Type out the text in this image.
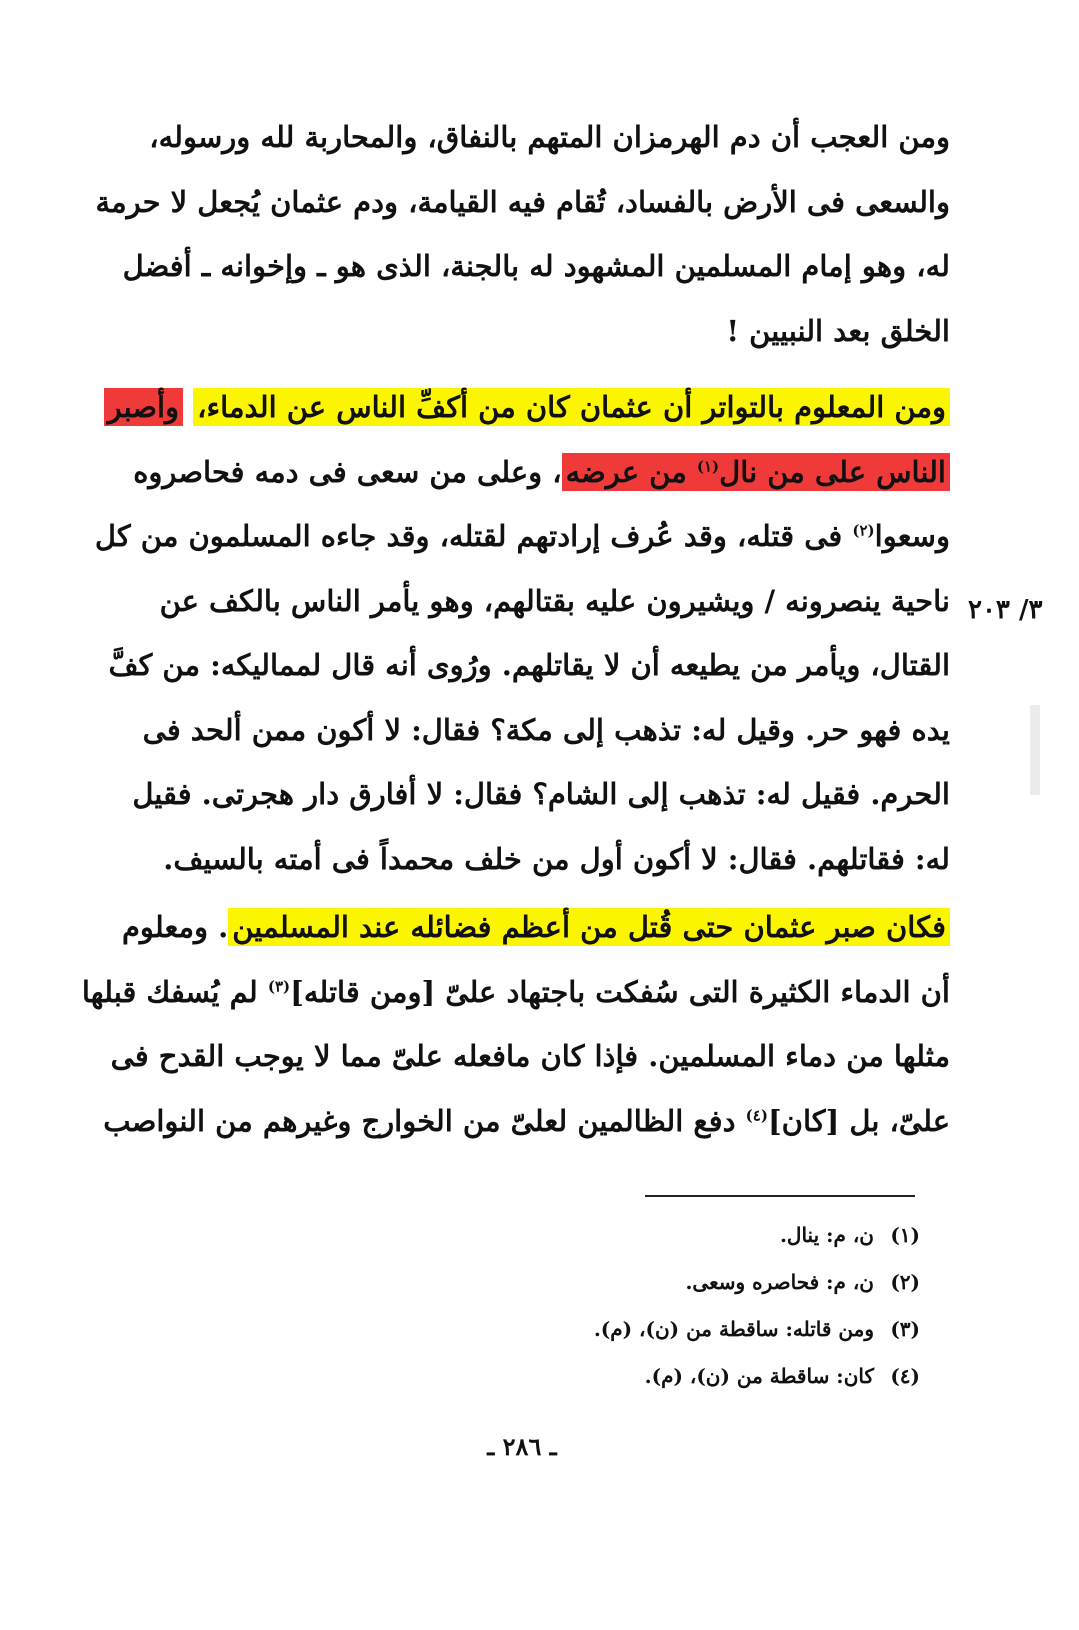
ومن العجب أن دم الهرمزان المتهم بالنفاق، والمحاربة لله ورسوله،
والسعى فى الأرض بالفساد، تُقام فيه القيامة، ودم عثمان يُجعل لا حرمة
له، وهو إمام المسلمين المشهود له بالجنة، الذى هو ـ وإخوانه ـ أفضل
الخلق بعد النبيين !
ومن المعلوم بالتواتر أن عثمان كان من أكفِّ الناس عن الدماء، وأصبر
الناس على من نال$^{(١)}$ من عرضه، وعلى من سعى فى دمه فحاصروه
وسعوا$^{(٢)}$ فى قتله، وقد عُرف إرادتهم لقتله، وقد جاءه المسلمون من كل
ناحية ينصرونه / ويشيرون عليه بقتالهم، وهو يأمر الناس بالكف عن
القتال، ويأمر من يطيعه أن لا يقاتلهم. ورُوى أنه قال لمماليكه: من كفَّ
يده فهو حر. وقيل له: تذهب إلى مكة؟ فقال: لا أكون ممن ألحد فى
الحرم. فقيل له: تذهب إلى الشام؟ فقال: لا أفارق دار هجرتى. فقيل
له: فقاتلهم. فقال: لا أكون أول من خلف محمداً فى أمته بالسيف.
٣/ ٢٠٣
فكان صبر عثمان حتى قُتل من أعظم فضائله عند المسلمين. ومعلوم
أن الدماء الكثيرة التى سُفكت باجتهاد علىّ [ومن قاتله]$^{(٣)}$ لم يُسفك قبلها
مثلها من دماء المسلمين. فإذا كان مافعله علىّ مما لا يوجب القدح فى
علىّ، بل [كان]$^{(٤)}$ دفع الظالمين لعلىّ من الخوارج وغيرهم من النواصب
(١)ن، م: ينال.
(٢)ن، م: فحاصره وسعى.
(٣)ومن قاتله: ساقطة من (ن)، (م).
(٤)كان: ساقطة من (ن)، (م).
ـ ٢٨٦ ـ
